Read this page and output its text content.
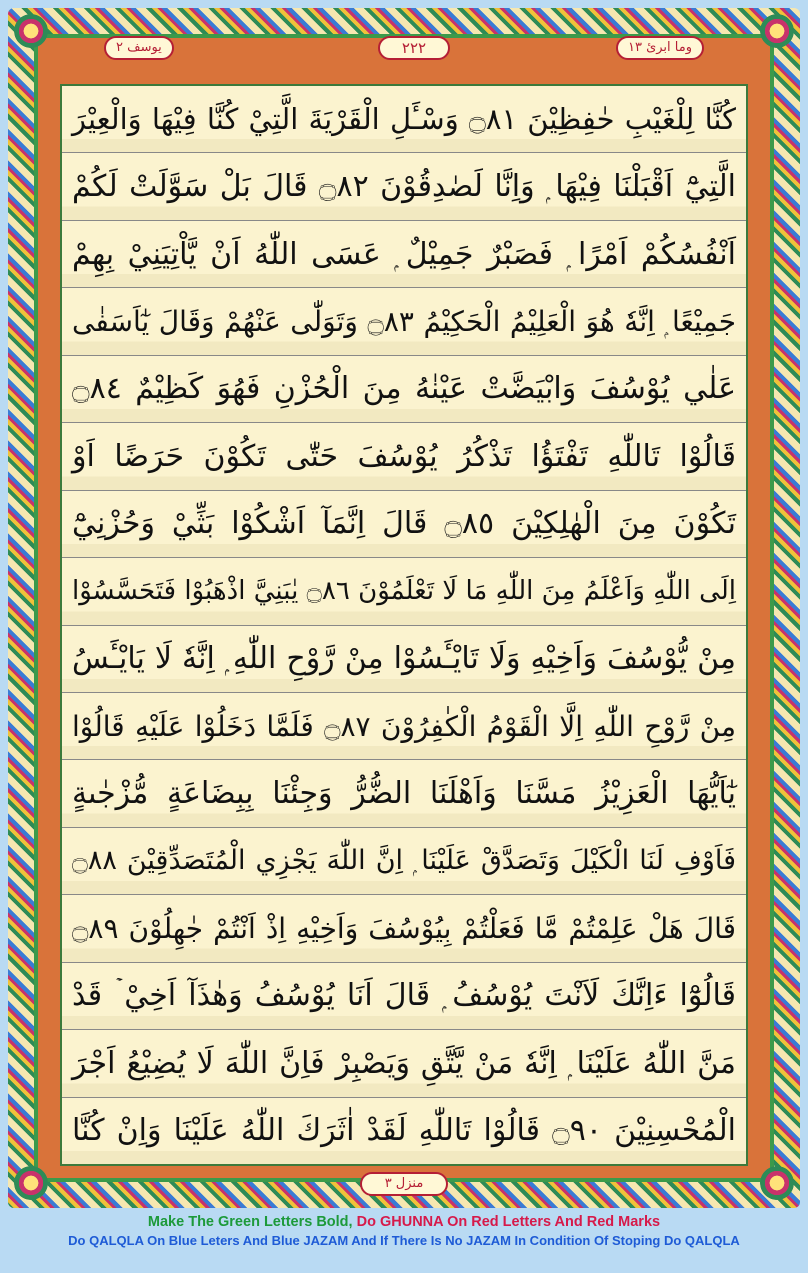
یوسف ۲	۲۲۲	وما ابرئ ۱۳
كُنَّا لِلْغَيْبِ حٰفِظِيْنَ ۝٨١ وَسْـَٔلِ الْقَرْيَةَ الَّتِيْ كُنَّا فِيْهَا وَالْعِيْرَ
الَّتِيْٓ اَقْبَلْنَا فِيْهَا ۭ وَاِنَّا لَصٰدِقُوْنَ ۝٨٢ قَالَ بَلْ سَوَّلَتْ لَكُمْ
اَنْفُسُكُمْ اَمْرًا ۭ فَصَبْرٌ جَمِيْلٌ ۭ عَسَى اللّٰهُ اَنْ يَّاْتِيَنِيْ بِهِمْ
جَمِيْعًا ۭ اِنَّهٗ هُوَ الْعَلِيْمُ الْحَكِيْمُ ۝٨٣ وَتَوَلّٰى عَنْهُمْ وَقَالَ يٰٓاَسَفٰى
عَلٰي يُوْسُفَ وَابْيَضَّتْ عَيْنٰهُ مِنَ الْحُزْنِ فَهُوَ كَظِيْمٌ ۝٨٤
قَالُوْا تَاللّٰهِ تَفْتَؤُا تَذْكُرُ يُوْسُفَ حَتّٰى تَكُوْنَ حَرَضًا اَوْ
تَكُوْنَ مِنَ الْهٰلِكِيْنَ ۝٨٥ قَالَ اِنَّمَآ اَشْكُوْا بَثِّيْ وَحُزْنِيْٓ
اِلَى اللّٰهِ وَاَعْلَمُ مِنَ اللّٰهِ مَا لَا تَعْلَمُوْنَ ۝٨٦ يٰبَنِيَّ اذْهَبُوْا فَتَحَسَّسُوْا
مِنْ يُّوْسُفَ وَاَخِيْهِ وَلَا تَايْـَٔسُوْا مِنْ رَّوْحِ اللّٰهِ ۭ اِنَّهٗ لَا يَايْـَٔسُ
مِنْ رَّوْحِ اللّٰهِ اِلَّا الْقَوْمُ الْكٰفِرُوْنَ ۝٨٧ فَلَمَّا دَخَلُوْا عَلَيْهِ قَالُوْا
يٰٓاَيُّهَا الْعَزِيْزُ مَسَّنَا وَاَهْلَنَا الضُّرُّ وَجِئْنَا بِبِضَاعَةٍ مُّزْجٰىةٍ
فَاَوْفِ لَنَا الْكَيْلَ وَتَصَدَّقْ عَلَيْنَا ۭ اِنَّ اللّٰهَ يَجْزِي الْمُتَصَدِّقِيْنَ ۝٨٨
قَالَ هَلْ عَلِمْتُمْ مَّا فَعَلْتُمْ بِيُوْسُفَ وَاَخِيْهِ اِذْ اَنْتُمْ جٰهِلُوْنَ ۝٨٩
قَالُوْٓا ءَاِنَّكَ لَاَنْتَ يُوْسُفُ ۭ قَالَ اَنَا يُوْسُفُ وَهٰذَآ اَخِيْ ۡ قَدْ
مَنَّ اللّٰهُ عَلَيْنَا ۭ اِنَّهٗ مَنْ يَّتَّقِ وَيَصْبِرْ فَاِنَّ اللّٰهَ لَا يُضِيْعُ اَجْرَ
الْمُحْسِنِيْنَ ۝٩٠ قَالُوْا تَاللّٰهِ لَقَدْ اٰثَرَكَ اللّٰهُ عَلَيْنَا وَاِنْ كُنَّا
منزل ۳
Make The Green Letters Bold, Do GHUNNA On Red Letters And Red Marks
Do QALQLA On Blue Leters And Blue JAZAM And If There Is No JAZAM In Condition Of Stoping Do QALQLA
